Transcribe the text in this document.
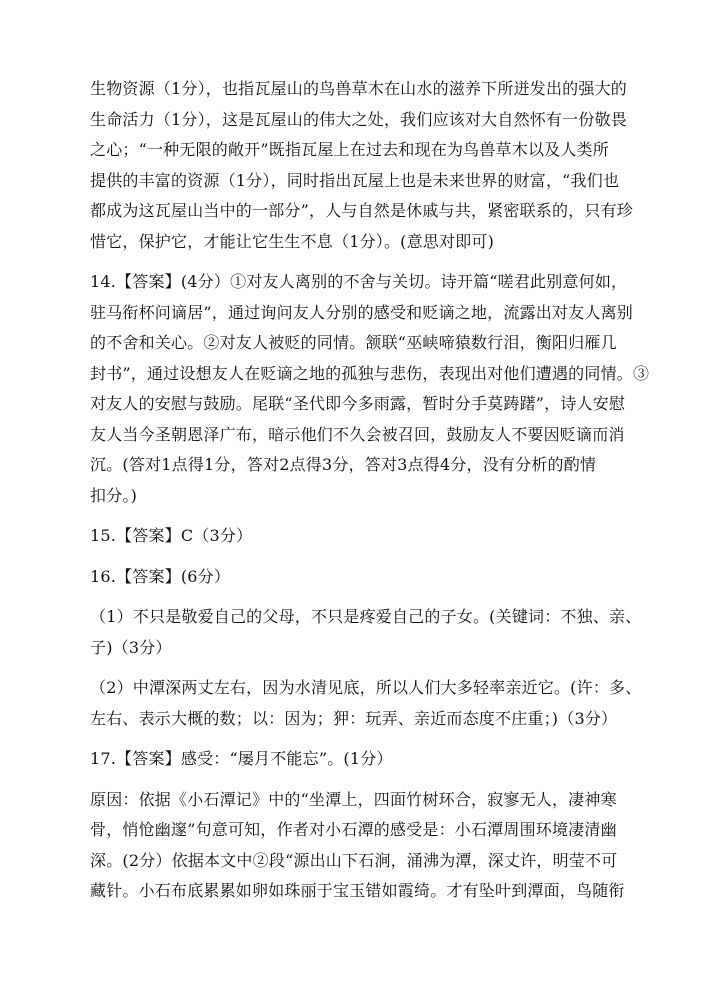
生物资源（1分），也指瓦屋山的鸟兽草木在山水的滋养下所迸发出的强大的
生命活力（1分），这是瓦屋山的伟大之处，我们应该对大自然怀有一份敬畏
之心；“一种无限的敞开”既指瓦屋上在过去和现在为鸟兽草木以及人类所
提供的丰富的资源（1分），同时指出瓦屋上也是未来世界的财富，“我们也
都成为这瓦屋山当中的一部分”，人与自然是休戚与共，紧密联系的，只有珍
惜它，保护它，才能让它生生不息（1分）。(意思对即可)
14.【答案】(4分）①对友人离别的不舍与关切。诗开篇“嗟君此别意何如，
驻马衔杯问谪居”，通过询问友人分别的感受和贬谪之地，流露出对友人离别
的不舍和关心。②对友人被贬的同情。颔联“巫峡啼猿数行泪，衡阳归雁几
封书”，通过设想友人在贬谪之地的孤独与悲伤，表现出对他们遭遇的同情。③
对友人的安慰与鼓励。尾联“圣代即今多雨露，暂时分手莫踌躇”，诗人安慰
友人当今圣朝恩泽广布，暗示他们不久会被召回，鼓励友人不要因贬谪而消
沉。(答对1点得1分，答对2点得3分，答对3点得4分，没有分析的酌情
扣分。)
15.【答案】C（3分）
16.【答案】(6分）
（1）不只是敬爱自己的父母，不只是疼爱自己的子女。(关键词：不独、亲、
子)（3分）
（2）中潭深两丈左右，因为水清见底，所以人们大多轻率亲近它。(许：多、
左右、表示大概的数；以：因为；狎：玩弄、亲近而态度不庄重；)（3分）
17.【答案】感受：“屡月不能忘”。(1分）
原因：依据《小石潭记》中的“坐潭上，四面竹树环合，寂寥无人，凄神寒
骨，悄怆幽邃”句意可知，作者对小石潭的感受是：小石潭周围环境凄清幽
深。(2分）依据本文中②段“源出山下石涧，涌沸为潭，深丈许，明莹不可
藏针。小石布底累累如卵如珠丽于宝玉错如霞绮。才有坠叶到潭面，鸟随衔
